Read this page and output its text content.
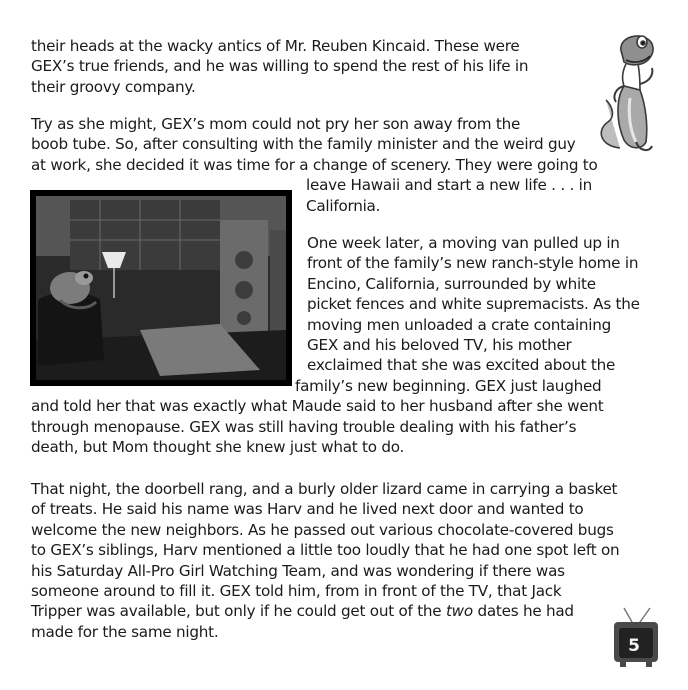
their heads at the wacky antics of Mr. Reuben Kincaid. These were
GEX’s true friends, and he was willing to spend the rest of his life in
their groovy company.
Try as she might, GEX’s mom could not pry her son away from the
boob tube. So, after consulting with the family minister and the weird guy
at work, she decided it was time for a change of scenery. They were going to
leave Hawaii and start a new life . . . in
California.
One week later, a moving van pulled up in
front of the family’s new ranch-style home in
Encino, California, surrounded by white
picket fences and white supremacists. As the
moving men unloaded a crate containing
GEX and his beloved TV, his mother
exclaimed that she was excited about the
family’s new beginning. GEX just laughed
and told her that was exactly what Maude said to her husband after she went
through menopause. GEX was still having trouble dealing with his father’s
death, but Mom thought she knew just what to do.
That night, the doorbell rang, and a burly older lizard came in carrying a basket
of treats. He said his name was Harv and he lived next door and wanted to
welcome the new neighbors. As he passed out various chocolate-covered bugs
to GEX’s siblings, Harv mentioned a little too loudly that he had one spot left on
his Saturday All-Pro Girl Watching Team, and was wondering if there was
someone around to fill it. GEX told him, from in front of the TV, that Jack
Tripper was available, but only if he could get out of the two dates he had
made for the same night.
5
